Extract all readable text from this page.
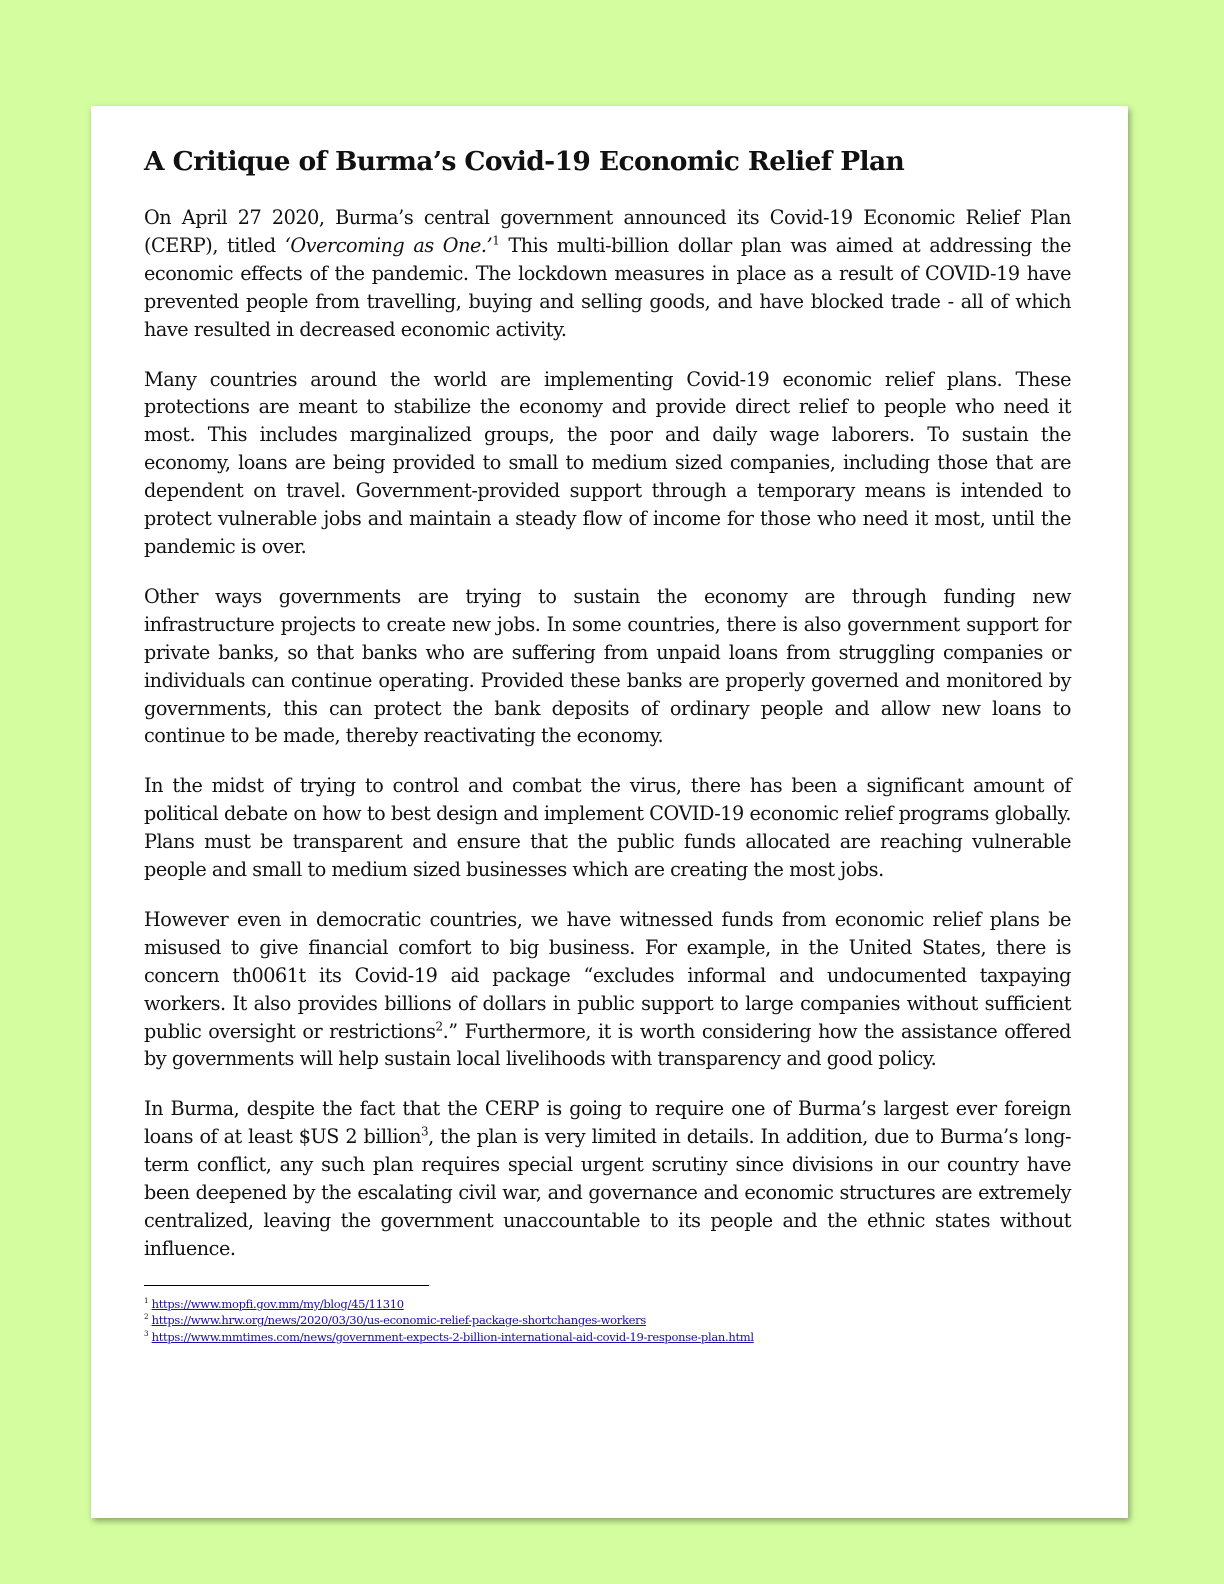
A Critique of Burma’s Covid-19 Economic Relief Plan

On April 27 2020, Burma’s central government announced its Covid-19 Economic Relief Plan (CERP), titled ‘Overcoming as One.’$^1$ This multi-billion dollar plan was aimed at addressing the economic effects of the pandemic. The lockdown measures in place as a result of COVID-19 have prevented people from travelling, buying and selling goods, and have blocked trade - all of which have resulted in decreased economic activity.

Many countries around the world are implementing Covid-19 economic relief plans. These protections are meant to stabilize the economy and provide direct relief to people who need it most. This includes marginalized groups, the poor and daily wage laborers. To sustain the economy, loans are being provided to small to medium sized companies, including those that are dependent on travel. Government-provided support through a temporary means is intended to protect vulnerable jobs and maintain a steady flow of income for those who need it most, until the pandemic is over.

Other ways governments are trying to sustain the economy are through funding new infrastructure projects to create new jobs. In some countries, there is also government support for private banks, so that banks who are suffering from unpaid loans from struggling companies or individuals can continue operating. Provided these banks are properly governed and monitored by governments, this can protect the bank deposits of ordinary people and allow new loans to continue to be made, thereby reactivating the economy.

In the midst of trying to control and combat the virus, there has been a significant amount of political debate on how to best design and implement COVID-19 economic relief programs globally. Plans must be transparent and ensure that the public funds allocated are reaching vulnerable people and small to medium sized businesses which are creating the most jobs.

However even in democratic countries, we have witnessed funds from economic relief plans be misused to give financial comfort to big business. For example, in the United States, there is concern th0061t its Covid-19 aid package “excludes informal and undocumented taxpaying workers. It also provides billions of dollars in public support to large companies without sufficient public oversight or restrictions$^2$.” Furthermore, it is worth considering how the assistance offered by governments will help sustain local livelihoods with transparency and good policy.

In Burma, despite the fact that the CERP is going to require one of Burma’s largest ever foreign loans of at least $US 2 billion$^3$, the plan is very limited in details. In addition, due to Burma’s long-term conflict, any such plan requires special urgent scrutiny since divisions in our country have been deepened by the escalating civil war, and governance and economic structures are extremely centralized, leaving the government unaccountable to its people and the ethnic states without influence.

$^1$ https://www.mopfi.gov.mm/my/blog/45/11310
$^2$ https://www.hrw.org/news/2020/03/30/us-economic-relief-package-shortchanges-workers
$^3$ https://www.mmtimes.com/news/government-expects-2-billion-international-aid-covid-19-response-plan.html
